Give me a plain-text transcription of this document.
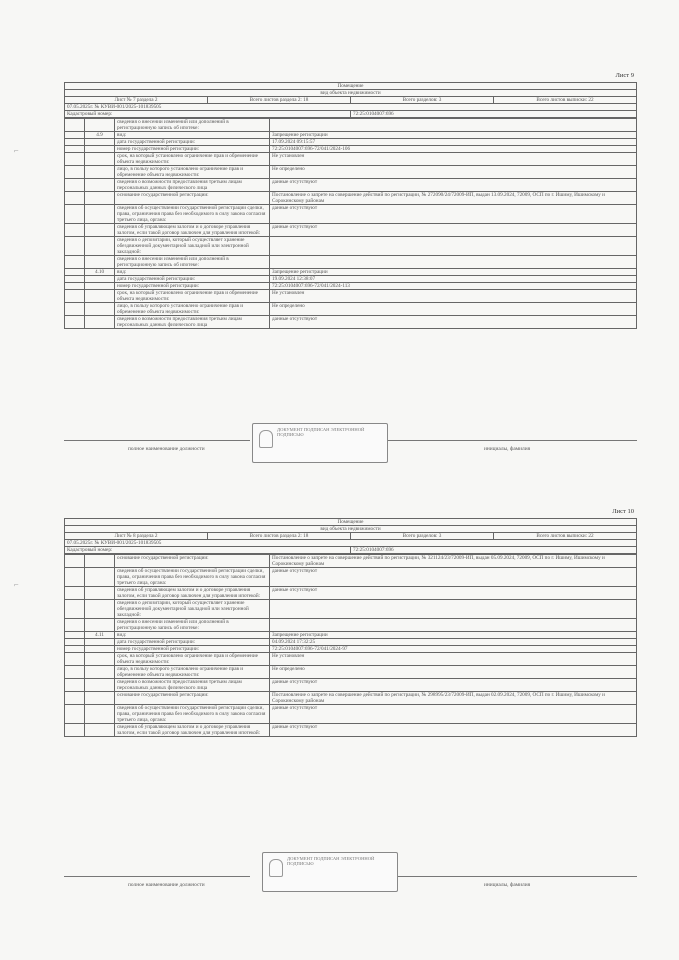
⌐
Лист 9
Помещение			
вид объекта недвижимости			
Лист № 7 раздела 2	Всего листов раздела 2: 18	Всего разделов: 3	Всего листов выписки: 22
07.05.2025г. № КУВИ-001/2025-101839505			
Кадастровый номер:		72:25:0104007:696	
		сведения о внесении изменений или дополнений в регистрационную запись об ипотеке:	
	4.9	вид:	Запрещение регистрации
		дата государственной регистрации:	17.09.2024 09:15:57
		номер государственной регистрации:	72:25:0104007:696-72/041/2024-106
		срок, на который установлено ограничение прав и обременение объекта недвижимости:	Не установлен
		лицо, в пользу которого установлено ограничение прав и обременение объекта недвижимости:	Не определено
		сведения о возможности предоставления третьим лицам персональных данных физического лица	данные отсутствуют
		основание государственной регистрации:	Постановление о запрете на совершение действий по регистрации, № 272090/24/72009-ИП, выдан 13.09.2024, 72009, ОСП по г. Ишиму, Ишимскому и Сорокинскому районам
		сведения об осуществлении государственной регистрации сделки, права, ограничения права без необходимого в силу закона согласия третьего лица, органа:	данные отсутствуют
		сведения об управляющем залогом и о договоре управления залогом, если такой договор заключен для управления ипотекой:	данные отсутствуют
		сведения о депозитарии, который осуществляет хранение обездвиженной документарной закладной или электронной закладной:	
		сведения о внесении изменений или дополнений в регистрационную запись об ипотеке:	
	4.10	вид:	Запрещение регистрации
		дата государственной регистрации:	19.09.2024 12:38:07
		номер государственной регистрации:	72:25:0104007:696-72/041/2024-113
		срок, на который установлено ограничение прав и обременение объекта недвижимости:	Не установлен
		лицо, в пользу которого установлено ограничение прав и обременение объекта недвижимости:	Не определено
		сведения о возможности предоставления третьим лицам персональных данных физического лица	данные отсутствуют
полное наименование должности	инициалы, фамилия
ДОКУМЕНТ ПОДПИСАН ЭЛЕКТРОННОЙ ПОДПИСЬЮ
⌐
Лист 10
Помещение			
вид объекта недвижимости			
Лист № 8 раздела 2	Всего листов раздела 2: 18	Всего разделов: 3	Всего листов выписки: 22
07.05.2025г. № КУВИ-001/2025-101839505			
Кадастровый номер:		72:25:0104007:696	
		основание государственной регистрации:	Постановление о запрете на совершение действий по регистрации, № 321124/23/72009-ИП, выдан 05.09.2024, 72009, ОСП по г. Ишиму, Ишимскому и Сорокинскому районам
		сведения об осуществлении государственной регистрации сделки, права, ограничения права без необходимого в силу закона согласия третьего лица, органа:	данные отсутствуют
		сведения об управляющем залогом и о договоре управления залогом, если такой договор заключен для управления ипотекой:	данные отсутствуют
		сведения о депозитарии, который осуществляет хранение обездвиженной документарной закладной или электронной закладной:	
		сведения о внесении изменений или дополнений в регистрационную запись об ипотеке:	
	4.11	вид:	Запрещение регистрации
		дата государственной регистрации:	04.09.2024 17:32:25
		номер государственной регистрации:	72:25:0104007:696-72/041/2024-97
		срок, на который установлено ограничение прав и обременение объекта недвижимости:	Не установлен
		лицо, в пользу которого установлено ограничение прав и обременение объекта недвижимости:	Не определено
		сведения о возможности предоставления третьим лицам персональных данных физического лица	данные отсутствуют
		основание государственной регистрации:	Постановление о запрете на совершение действий по регистрации, № 298995/23/72009-ИП, выдан 02.09.2024, 72009, ОСП по г. Ишиму, Ишимскому и Сорокинскому районам
		сведения об осуществлении государственной регистрации сделки, права, ограничения права без необходимого в силу закона согласия третьего лица, органа:	данные отсутствуют
		сведения об управляющем залогом и о договоре управления залогом, если такой договор заключен для управления ипотекой:	данные отсутствуют
полное наименование должности	инициалы, фамилия
ДОКУМЕНТ ПОДПИСАН ЭЛЕКТРОННОЙ ПОДПИСЬЮ
